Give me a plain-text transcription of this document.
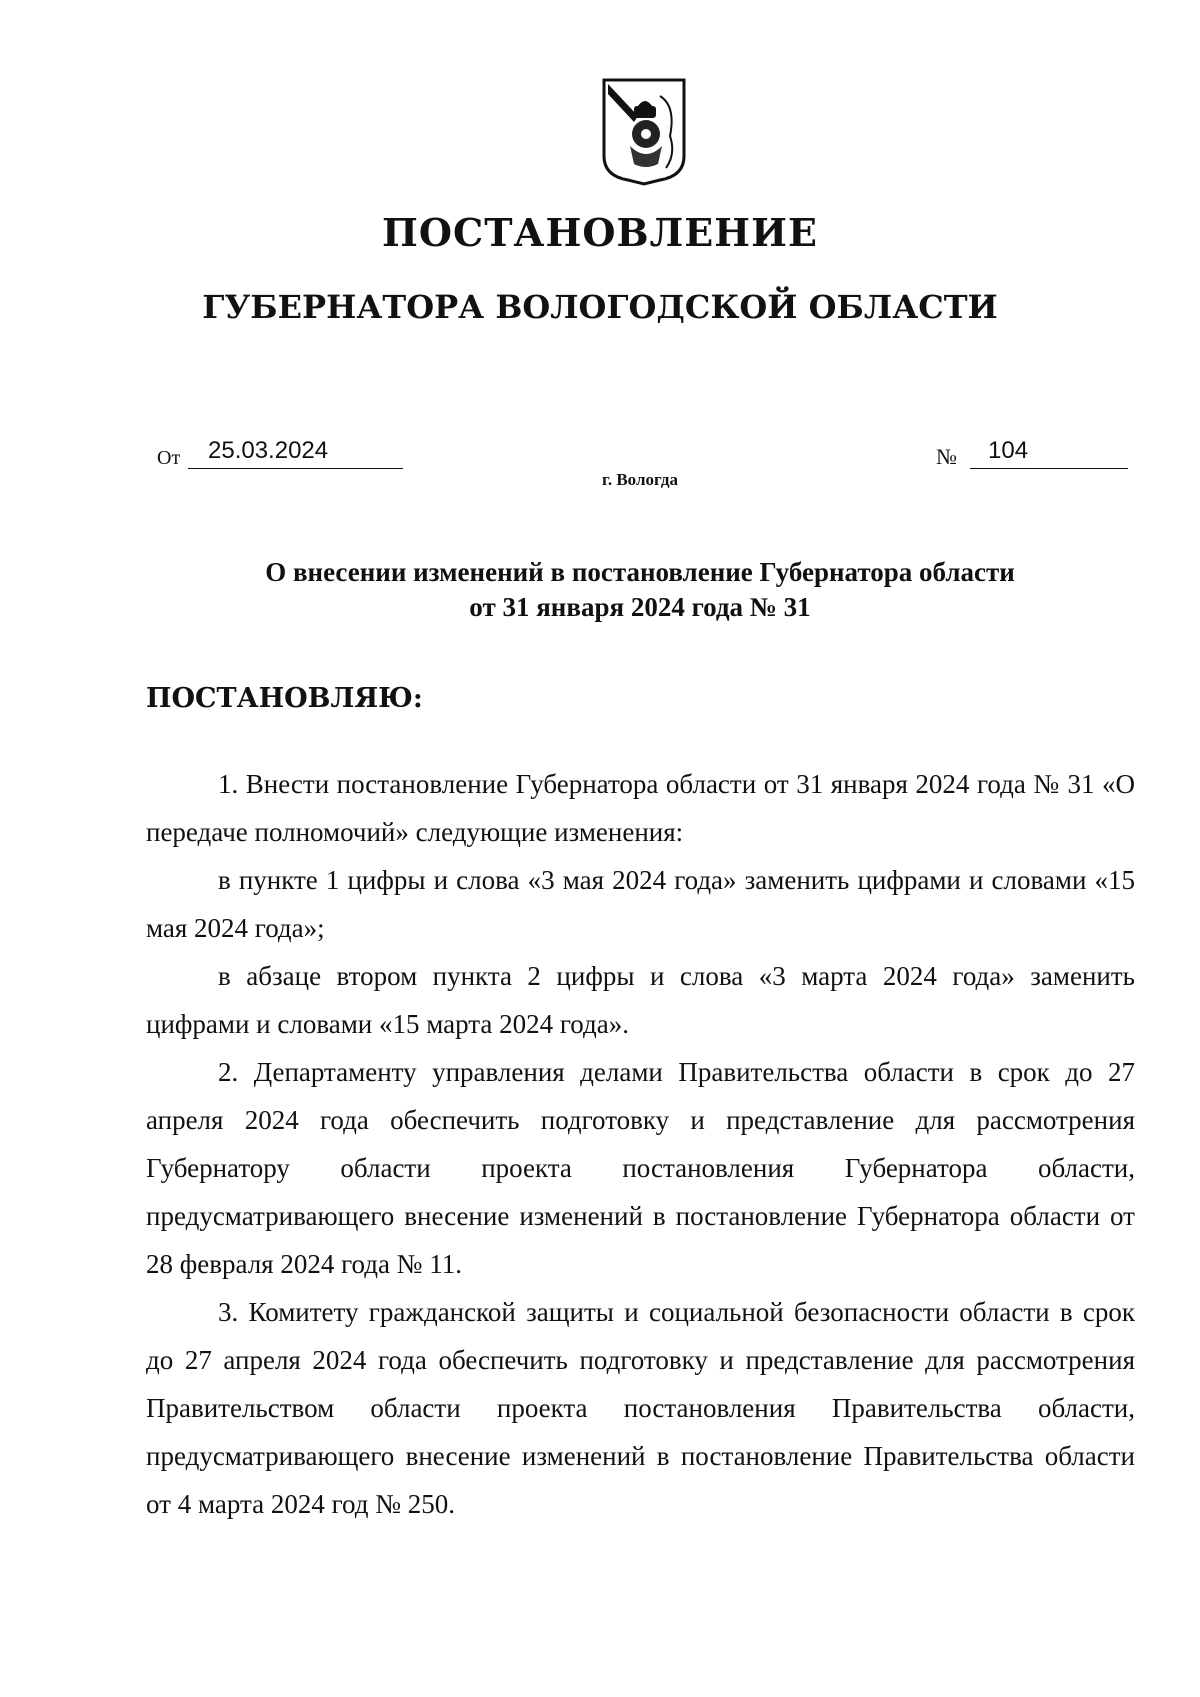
ПОСТАНОВЛЕНИЕ
ГУБЕРНАТОРА ВОЛОГОДСКОЙ ОБЛАСТИ
От	25.03.2024	№	104
г. Вологда
О внесении изменений в постановление Губернатора области
от 31 января 2024 года № 31
ПОСТАНОВЛЯЮ:

1. Внести постановление Губернатора области от 31 января 2024 года № 31 «О передаче полномочий» следующие изменения:

в пункте 1 цифры и слова «3 мая 2024 года» заменить цифрами и словами «15 мая 2024 года»;

в абзаце втором пункта 2 цифры и слова «3 марта 2024 года» заменить цифрами и словами «15 марта 2024 года».

2. Департаменту управления делами Правительства области в срок до 27 апреля 2024 года обеспечить подготовку и представление для рассмотрения Губернатору области проекта постановления Губернатора области, предусматривающего внесение изменений в постановление Губернатора области от 28 февраля 2024 года № 11.

3. Комитету гражданской защиты и социальной безопасности области в срок до 27 апреля 2024 года обеспечить подготовку и представление для рассмотрения Правительством области проекта постановления Правительства области, предусматривающего внесение изменений в постановление Правительства области от 4 марта 2024 год № 250.
